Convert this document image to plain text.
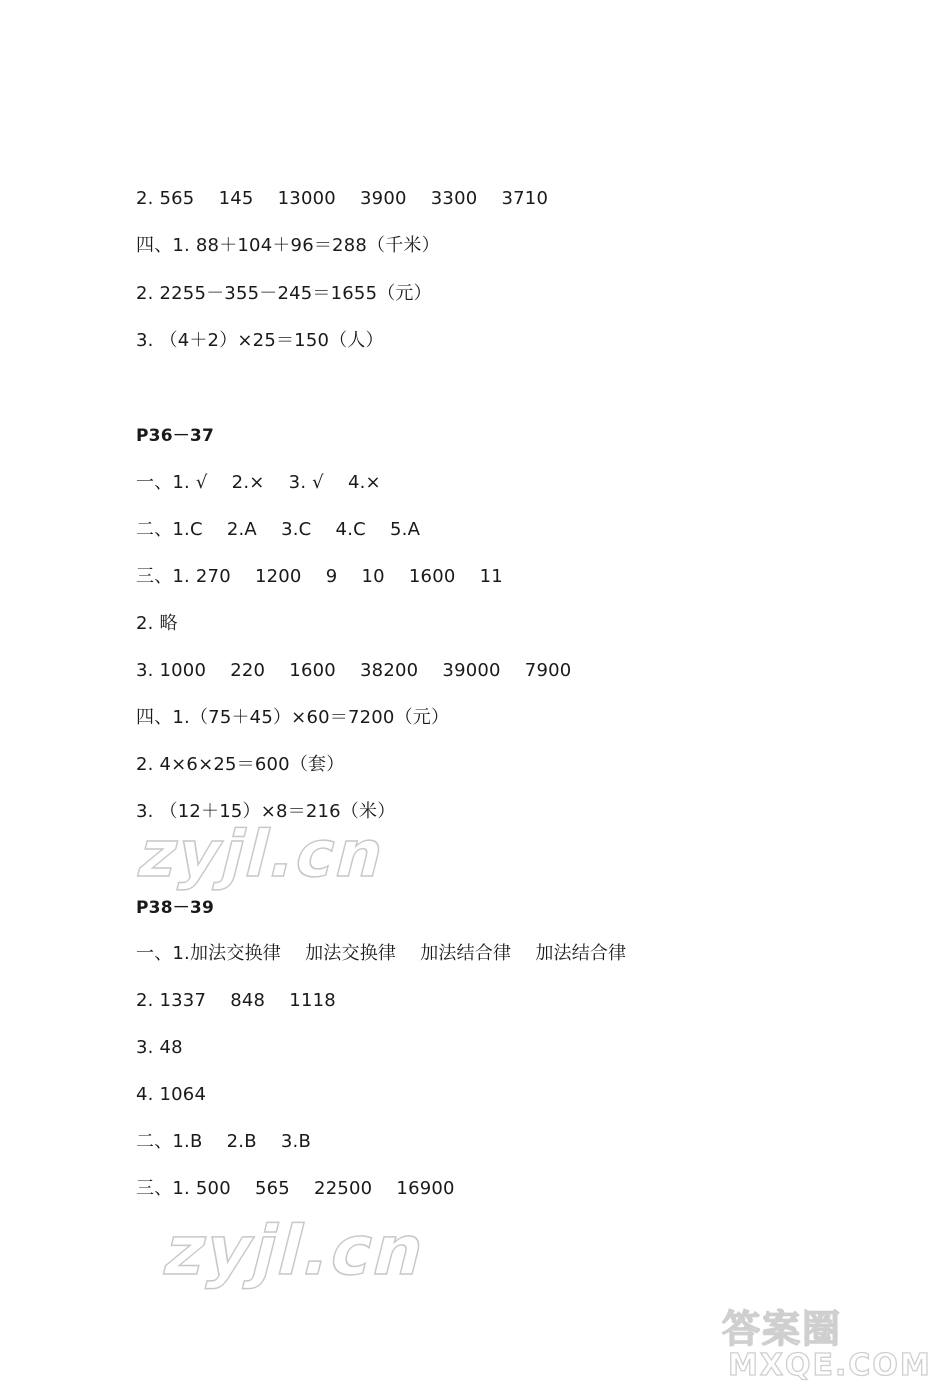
2. 565　 145　 13000　 3900　 3300　 3710
四、1. 88＋104＋96＝288（千米）
2. 2255－355－245＝1655（元）
3. （4＋2）×25＝150（人）
P36－37
一、1. √　 2.×　 3. √　 4.×
二、1.C　 2.A　 3.C　 4.C　 5.A
三、1. 270　 1200　 9　 10　 1600　 11
2. 略
3. 1000　 220　 1600　 38200　 39000　 7900
四、1.（75＋45）×60＝7200（元）
2. 4×6×25＝600（套）
3. （12＋15）×8＝216（米）
zyjl.cn
P38－39
一、1.加法交换律　 加法交换律　 加法结合律　 加法结合律
2. 1337　 848　 1118
3. 48
4. 1064
二、1.B　 2.B　 3.B
三、1. 500　 565　 22500　 16900
zyjl.cn
答案圈
MXQE.COM
